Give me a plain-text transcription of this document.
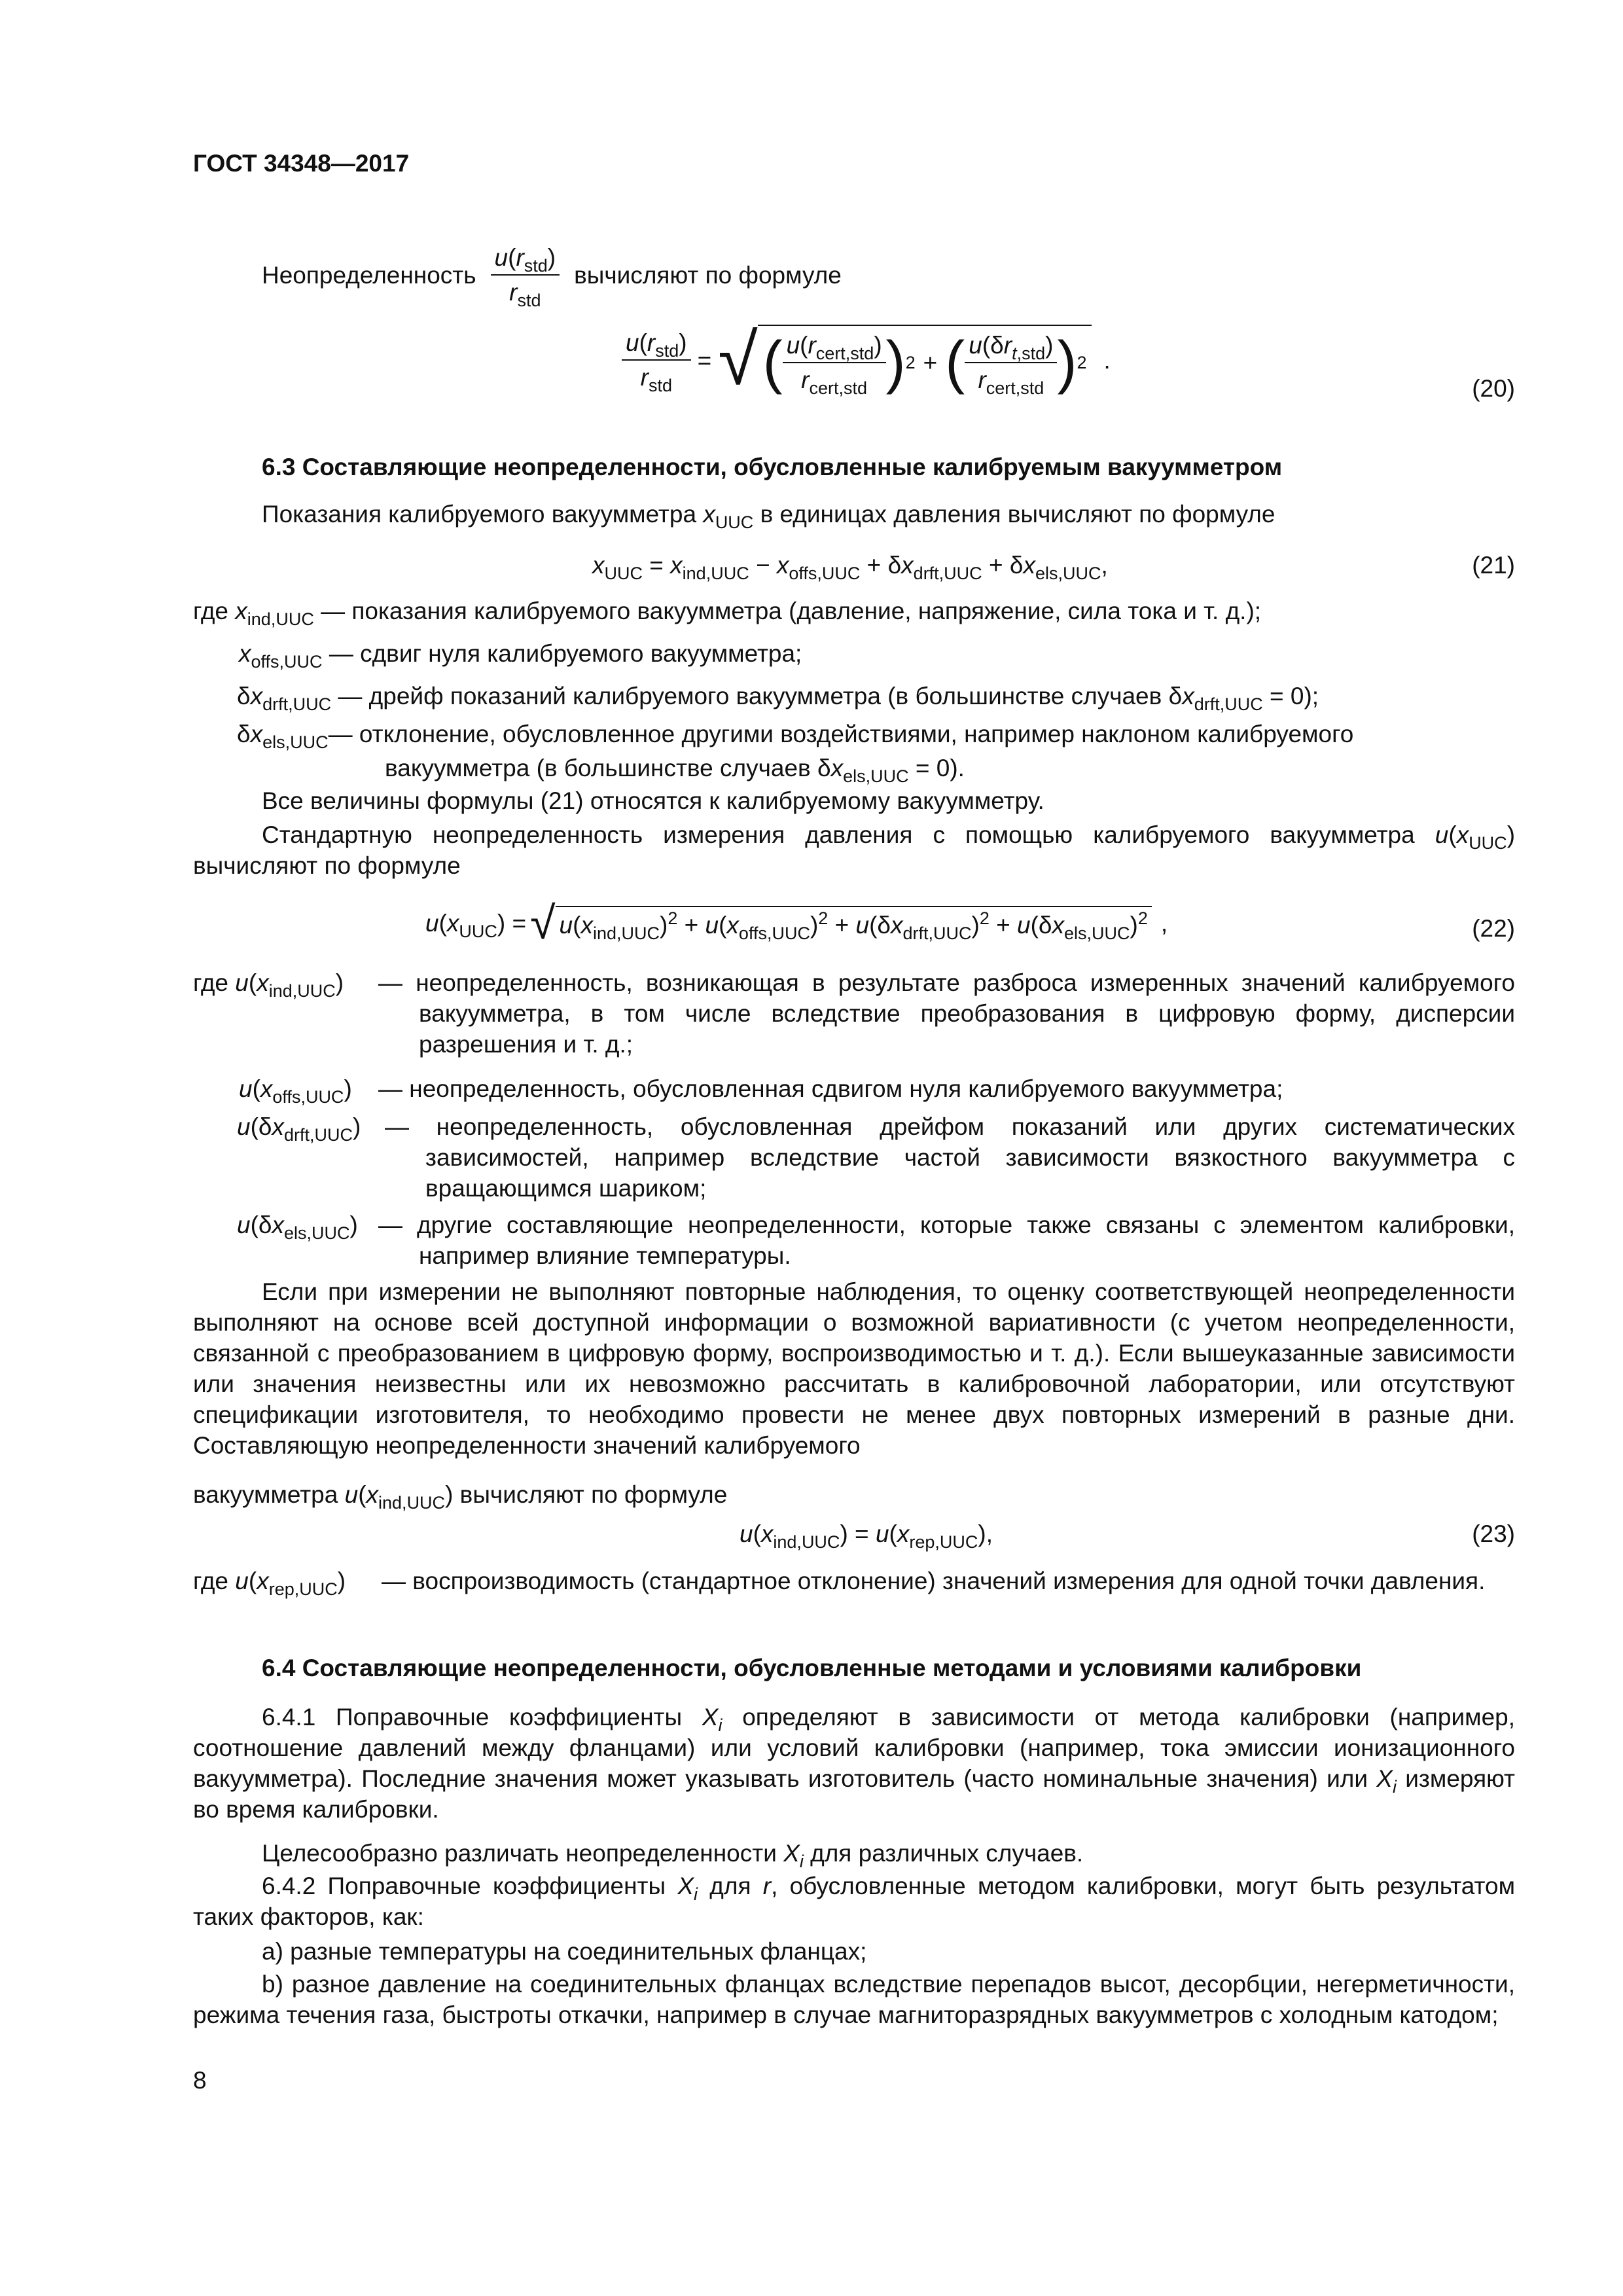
ГОСТ 34348—2017
Неопределенность $\frac{u(r_{std})}{r_{std}}$ вычисляют по формуле
$\frac{u(r_{std})}{r_{std}}$ = √ ( $\frac{u(r_{cert,std})}{r_{cert,std}}$ ) 2 + ( $\frac{u(\delta r_{t,std})}{r_{cert,std}}$ ) 2 .
(20)
6.3 Составляющие неопределенности, обусловленные калибруемым вакуумметром
Показания калибруемого вакуумметра $x_{UUC}$ в единицах давления вычисляют по формуле
$x_{UUC} = x_{ind,UUC} - x_{offs,UUC} + \delta x_{drft,UUC} + \delta x_{els,UUC}$,	(21)
где $x_{ind,UUC}$ — показания калибруемого вакуумметра (давление, напряжение, сила тока и т. д.);
$x_{offs,UUC}$ — сдвиг нуля калибруемого вакуумметра;
$\delta x_{drft,UUC}$ — дрейф показаний калибруемого вакуумметра (в большинстве случаев $\delta x_{drft,UUC} = 0$);
$\delta x_{els,UUC}—$ отклонение, обусловленное другими воздействиями, например наклоном калибруемого
вакуумметра (в большинстве случаев $\delta x_{els,UUC} = 0$).
Все величины формулы (21) относятся к калибруемому вакуумметру.
Стандартную неопределенность измерения давления с помощью калибруемого вакуумметра $u(x_{UUC})$ вычисляют по формуле
$u(x_{UUC})$ = √ $u(x_{ind,UUC})^2 + u(x_{offs,UUC})^2 + u(\delta x_{drft,UUC})^2 + u(\delta x_{els,UUC})^2$ ,	(22)
где $u(x_{ind,UUC})$ — неопределенность, возникающая в результате разброса измеренных значений калибруемого вакуумметра, в том числе вследствие преобразования в цифровую форму, дисперсии разрешения и т. д.;
$u(x_{offs,UUC})$ — неопределенность, обусловленная сдвигом нуля калибруемого вакуумметра;
$u(\delta x_{drft,UUC})$ — неопределенность, обусловленная дрейфом показаний или других систематических зависимостей, например вследствие частой зависимости вязкостного вакуумметра с вращающимся шариком;
$u(\delta x_{els,UUC})$ — другие составляющие неопределенности, которые также связаны с элементом калибровки, например влияние температуры.
Если при измерении не выполняют повторные наблюдения, то оценку соответствующей неопределенности выполняют на основе всей доступной информации о возможной вариативности (с учетом неопределенности, связанной с преобразованием в цифровую форму, воспроизводимостью и т. д.). Если вышеуказанные зависимости или значения неизвестны или их невозможно рассчитать в калибровочной лаборатории, или отсутствуют спецификации изготовителя, то необходимо провести не менее двух повторных измерений в разные дни. Составляющую неопределенности значений калибруемого
вакуумметра $u(x_{ind,UUC})$ вычисляют по формуле
$u(x_{ind,UUC}) = u(x_{rep,UUC})$,	(23)
где $u(x_{rep,UUC})$ — воспроизводимость (стандартное отклонение) значений измерения для одной точки давления.
6.4 Составляющие неопределенности, обусловленные методами и условиями калибровки
6.4.1 Поправочные коэффициенты $X_i$ определяют в зависимости от метода калибровки (например, соотношение давлений между фланцами) или условий калибровки (например, тока эмиссии ионизационного вакуумметра). Последние значения может указывать изготовитель (часто номинальные значения) или $X_i$ измеряют во время калибровки.
Целесообразно различать неопределенности $X_i$ для различных случаев.
6.4.2 Поправочные коэффициенты $X_i$ для r, обусловленные методом калибровки, могут быть результатом таких факторов, как:
a) разные температуры на соединительных фланцах;
b) разное давление на соединительных фланцах вследствие перепадов высот, десорбции, негерметичности, режима течения газа, быстроты откачки, например в случае магниторазрядных вакуумметров с холодным катодом;
8
